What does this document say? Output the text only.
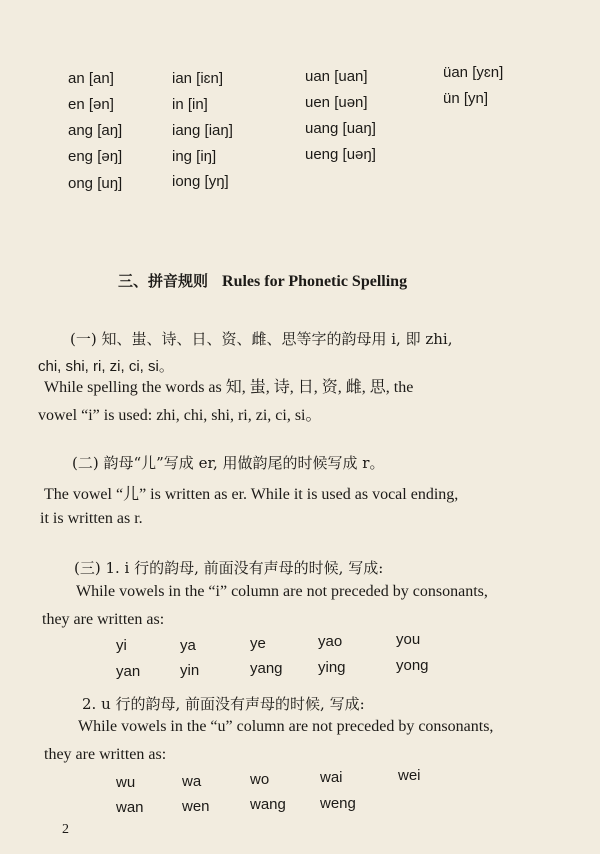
an [an]	ian [iɛn]	uan [uan]	üan [yɛn]
en [ən]	in [in]	uen [uən]	ün [yn]
ang [aŋ]	iang [iaŋ]	uang [uaŋ]
eng [əŋ]	ing [iŋ]	ueng [uəŋ]
ong [uŋ]	iong [yŋ]
三、拼音规则 Rules for Phonetic Spelling
(一) 知、蚩、诗、日、资、雌、思等字的韵母用 i, 即 zhi,
chi, shi, ri, zi, ci, si。
While spelling the words as 知, 蚩, 诗, 日, 资, 雌, 思, the
vowel “i” is used: zhi, chi, shi, ri, zi, ci, si。
(二) 韵母“儿”写成 er, 用做韵尾的时候写成 r。
The vowel “儿” is written as er. While it is used as vocal ending,
it is written as r.
(三) 1. i 行的韵母, 前面没有声母的时候, 写成:
While vowels in the “i” column are not preceded by consonants,
they are written as:
yi	ya	ye	yao	you
yan	yin	yang ying	yong
2. u 行的韵母, 前面没有声母的时候, 写成:
While vowels in the “u” column are not preceded by consonants,
they are written as:
wu	wa	wo	wai	wei
wan	wen	wang weng
2
